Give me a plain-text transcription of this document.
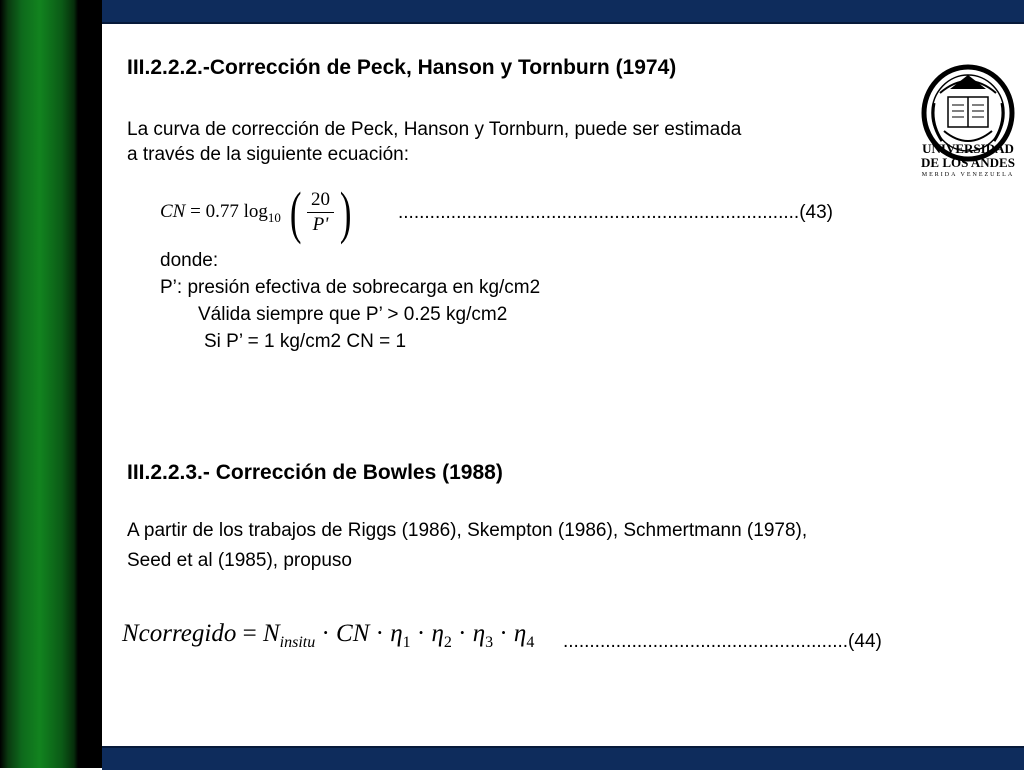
UNIVERSIDAD
DE LOS ANDES
MERIDA VENEZUELA
III.2.2.2.-Corrección de Peck, Hanson y Tornburn (1974)
La curva de corrección de Peck, Hanson y Tornburn, puede ser estimada
a través de la siguiente ecuación:
CN = 0.77 $\log_{10}$ ( $\frac{20}{P'}$ ) ............................................................................(43)
donde:
P’: presión efectiva de sobrecarga en kg/cm2
Válida siempre que P’ > 0.25 kg/cm2
Si P’ = 1 kg/cm2 CN = 1
III.2.2.3.- Corrección de Bowles (1988)
A partir de los trabajos de Riggs (1986), Skempton (1986), Schmertmann (1978),
Seed et al (1985), propuso
Ncorregido = $N_{insitu}$ · CN · $\eta_1 \cdot \eta_2 \cdot \eta_3 \cdot \eta_4$ ......................................................(44)
